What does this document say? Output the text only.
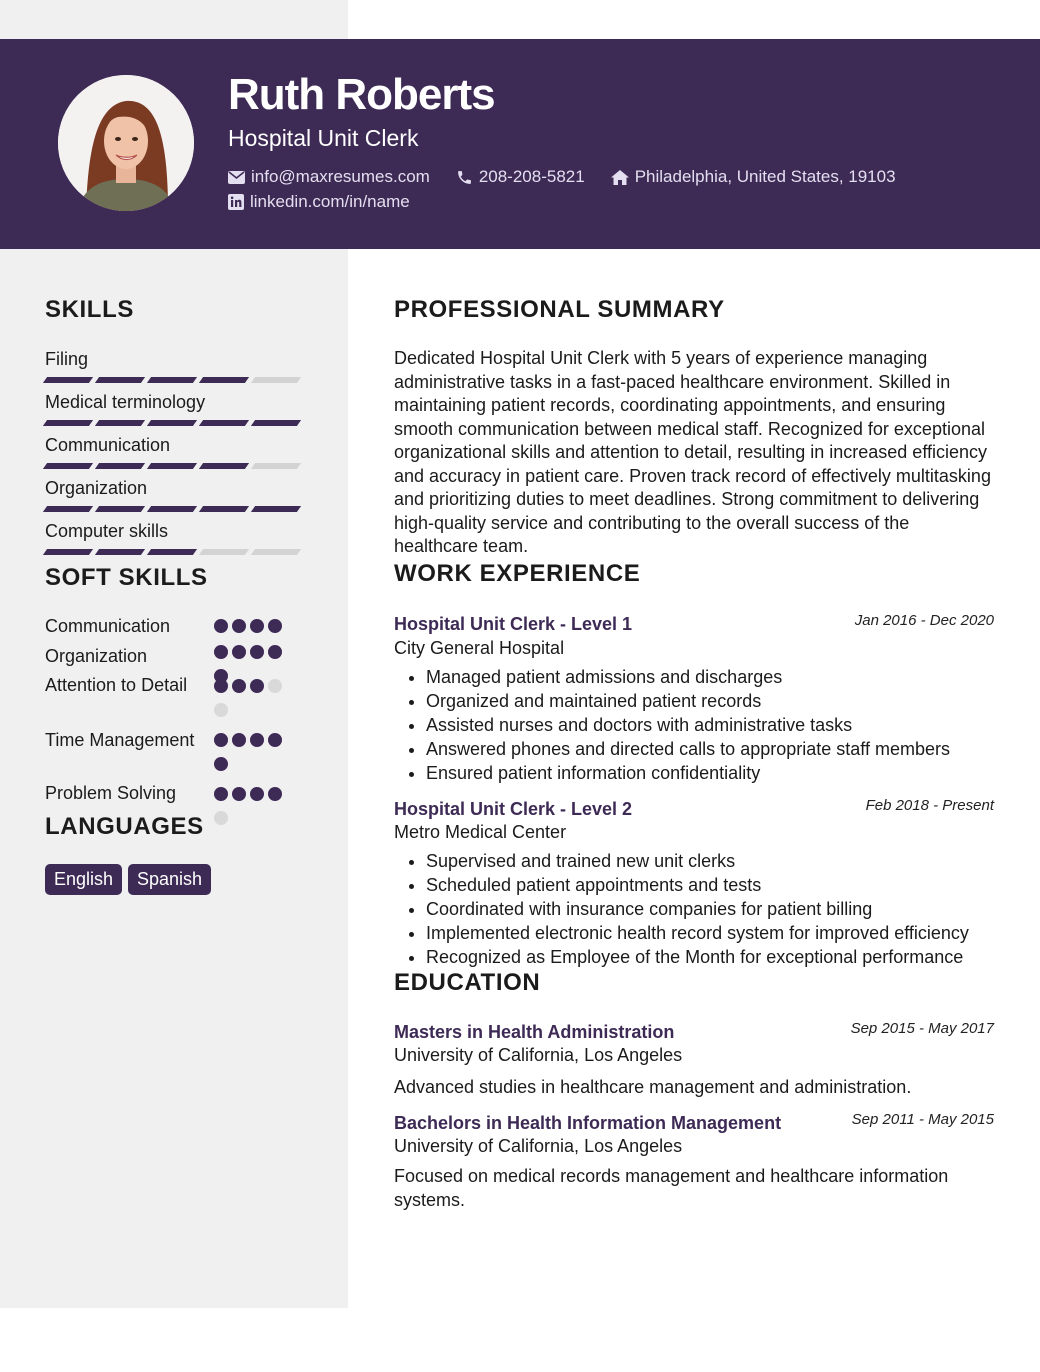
Ruth Roberts
Hospital Unit Clerk
info@maxresumes.com	208-208-5821	Philadelphia, United States, 19103
linkedin.com/in/name
SKILLS
Filing
Medical terminology
Communication
Organization
Computer skills
SOFT SKILLS
Communication
Organization
Attention to Detail
Time Management
Problem Solving
LANGUAGES
English	Spanish
PROFESSIONAL SUMMARY

Dedicated Hospital Unit Clerk with 5 years of experience managing administrative tasks in a fast-paced healthcare environment. Skilled in maintaining patient records, coordinating appointments, and ensuring smooth communication between medical staff. Recognized for exceptional organizational skills and attention to detail, resulting in increased efficiency and accuracy in patient care. Proven track record of effectively multitasking and prioritizing duties to meet deadlines. Strong commitment to delivering high-quality service and contributing to the overall success of the healthcare team.

WORK EXPERIENCE
Hospital Unit Clerk - Level 1	Jan 2016 - Dec 2020
City General Hospital
• Managed patient admissions and discharges
• Organized and maintained patient records
• Assisted nurses and doctors with administrative tasks
• Answered phones and directed calls to appropriate staff members
• Ensured patient information confidentiality
Hospital Unit Clerk - Level 2	Feb 2018 - Present
Metro Medical Center
• Supervised and trained new unit clerks
• Scheduled patient appointments and tests
• Coordinated with insurance companies for patient billing
• Implemented electronic health record system for improved efficiency
• Recognized as Employee of the Month for exceptional performance
EDUCATION
Masters in Health Administration	Sep 2015 - May 2017
University of California, Los Angeles

Advanced studies in healthcare management and administration.

Bachelors in Health Information Management	Sep 2011 - May 2015
University of California, Los Angeles

Focused on medical records management and healthcare information systems.
